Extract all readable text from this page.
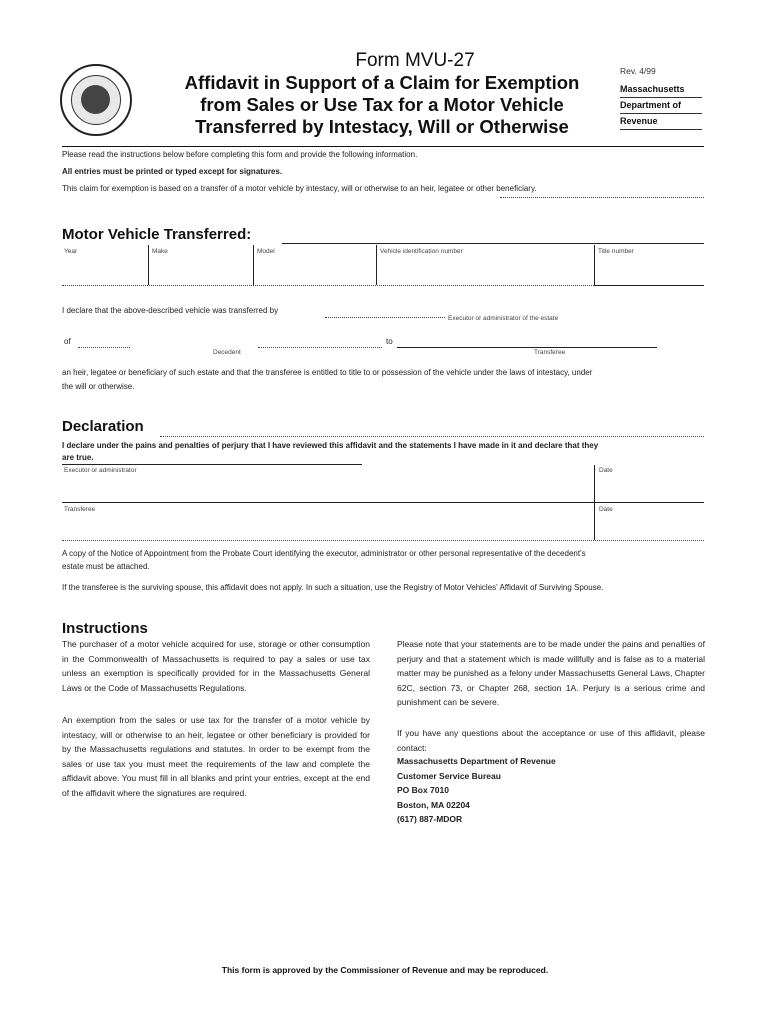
Form MVU-27
Affidavit in Support of a Claim for Exemption
from Sales or Use Tax for a Motor Vehicle
Transferred by Intestacy, Will or Otherwise
Rev. 4/99
Massachusetts
Department of
Revenue
Please read the instructions below before completing this form and provide the following information.
All entries must be printed or typed except for signatures.
This claim for exemption is based on a transfer of a motor vehicle by intestacy, will or otherwise to an heir, legatee or other beneficiary.
Motor Vehicle Transferred:
Year	Make	Model	Vehicle identification number	Title number
I declare that the above-described vehicle was transferred by
Executor or administrator of the estate
of	to
Decedent	Transferee
an heir, legatee or beneficiary of such estate and that the transferee is entitled to title to or possession of the vehicle under the laws of intestacy, under
the will or otherwise.
Declaration
I declare under the pains and penalties of perjury that I have reviewed this affidavit and the statements I have made in it and declare that they
are true.
Executor or administrator	Date
Transferee	Date
A copy of the Notice of Appointment from the Probate Court identifying the executor, administrator or other personal representative of the decedent's
estate must be attached.
If the transferee is the surviving spouse, this affidavit does not apply. In such a situation, use the Registry of Motor Vehicles' Affidavit of Surviving Spouse.
Instructions
The purchaser of a motor vehicle acquired for use, storage or other consumption in the Commonwealth of Massachusetts is required to pay a sales or use tax unless an exemption is specifically provided for in the Massachusetts General Laws or the Code of Massachusetts Regulations.
An exemption from the sales or use tax for the transfer of a motor vehicle by intestacy, will or otherwise to an heir, legatee or other beneficiary is provided for by the Massachusetts regulations and statutes. In order to be exempt from the sales or use tax you must meet the requirements of the law and complete the affidavit above. You must fill in all blanks and print your entries, except at the end of the affidavit where the signatures are required.
Please note that your statements are to be made under the pains and penalties of perjury and that a statement which is made willfully and is false as to a material matter may be punished as a felony under Massachusetts General Laws, Chapter 62C, section 73, or Chapter 268, section 1A. Perjury is a serious crime and punishment can be severe.
If you have any questions about the acceptance or use of this affidavit, please contact:
Massachusetts Department of Revenue
Customer Service Bureau
PO Box 7010
Boston, MA 02204
(617) 887-MDOR
This form is approved by the Commissioner of Revenue and may be reproduced.
